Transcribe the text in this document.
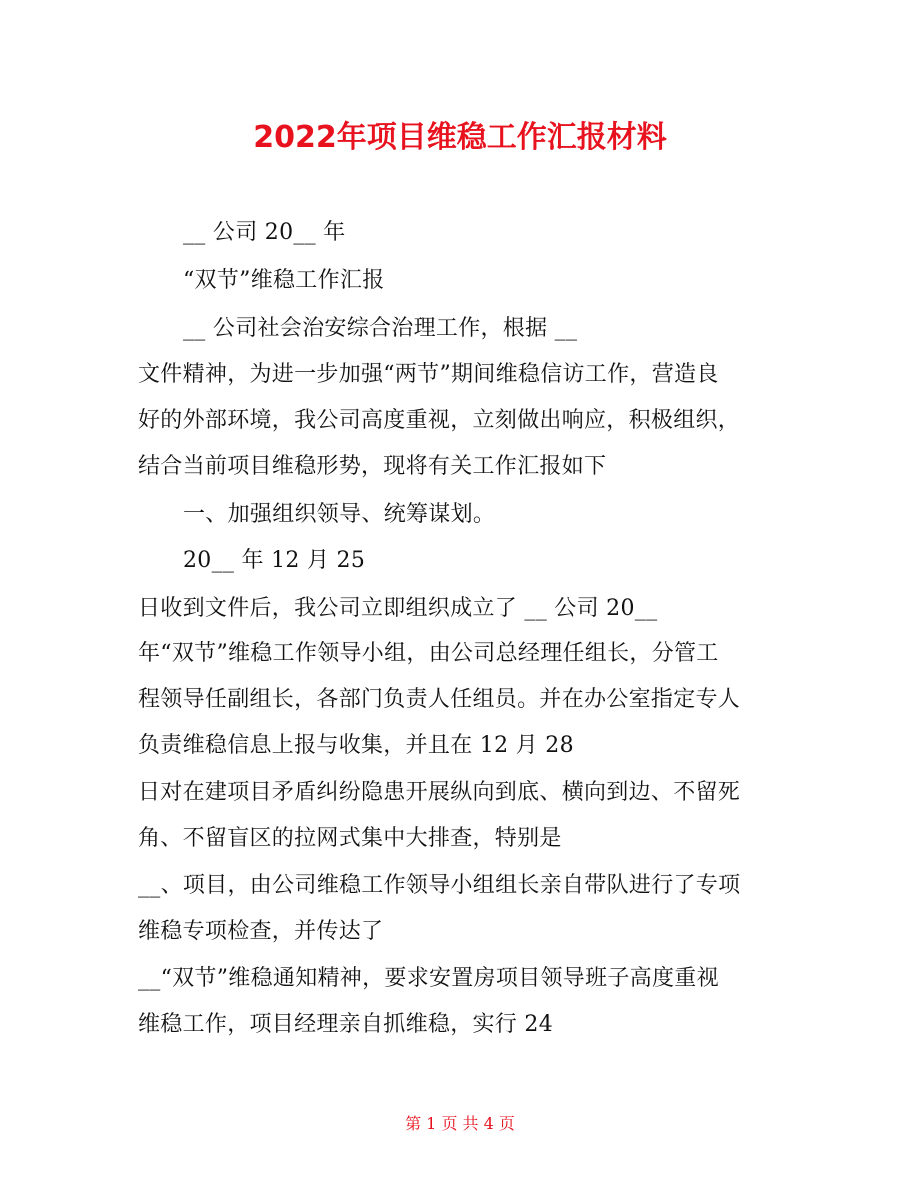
2022年项目维稳工作汇报材料
__ 公司 20__ 年
“双节”维稳工作汇报
__ 公司社会治安综合治理工作，根据 __
文件精神，为进一步加强“两节”期间维稳信访工作，营造良
好的外部环境，我公司高度重视，立刻做出响应，积极组织，
结合当前项目维稳形势，现将有关工作汇报如下
一、加强组织领导、统筹谋划。
20__ 年 12 月 25
日收到文件后，我公司立即组织成立了 __ 公司 20__
年“双节”维稳工作领导小组，由公司总经理任组长，分管工
程领导任副组长，各部门负责人任组员。并在办公室指定专人
负责维稳信息上报与收集，并且在 12 月 28
日对在建项目矛盾纠纷隐患开展纵向到底、横向到边、不留死
角、不留盲区的拉网式集中大排查，特别是
__、项目，由公司维稳工作领导小组组长亲自带队进行了专项
维稳专项检查，并传达了
__“双节”维稳通知精神，要求安置房项目领导班子高度重视
维稳工作，项目经理亲自抓维稳，实行 24
第 1 页 共 4 页
